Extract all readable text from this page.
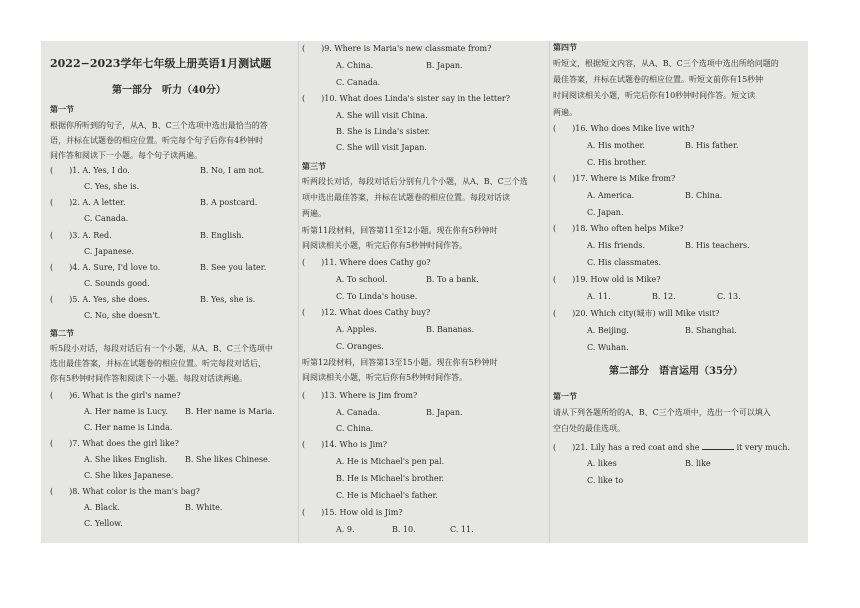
2022−2023学年七年级上册英语1月测试题
第一部分　听力（40分）
第一节
根据你所听到的句子，从A、B、C三个选项中选出最恰当的答
语，并标在试题卷的相应位置。听完每个句子后你有4秒钟时
间作答和阅读下一小题。每个句子读两遍。
(　　)1. A. Yes, I do.	B. No, I am not.
C. Yes, she is.
(　　)2. A. A letter.	B. A postcard.
C. Canada.
(　　)3. A. Red.	B. English.
C. Japanese.
(　　)4. A. Sure, I'd love to.	B. See you later.
C. Sounds good.
(　　)5. A. Yes, she does.	B. Yes, she is.
C. No, she doesn't.
第二节
听5段小对话，每段对话后有一个小题，从A、B、C三个选项中
选出最佳答案，并标在试题卷的相应位置。听完每段对话后，
你有5秒钟时间作答和阅读下一小题。每段对话读两遍。
(　　)6. What is the girl's name?
A. Her name is Lucy. B. Her name is Maria.
C. Her name is Linda.
(　　)7. What does the girl like?
A. She likes English. B. She likes Chinese.
C. She likes Japanese.
(　　)8. What color is the man's bag?
A. Black.	B. White.
C. Yellow.
(　　)9. Where is Maria's new classmate from?
A. China.	B. Japan.
C. Canada.
(　　)10. What does Linda's sister say in the letter?
A. She will visit China.
B. She is Linda's sister.
C. She will visit Japan.
第三节
听两段长对话，每段对话后分别有几个小题，从A、B、C三个选
项中选出最佳答案，并标在试题卷的相应位置。每段对话读
两遍。
听第11段材料，回答第11至12小题。现在你有5秒钟时
间阅读相关小题，听完后你有5秒钟时间作答。
(　　)11. Where does Cathy go?
A. To school.	B. To a bank.
C. To Linda's house.
(　　)12. What does Cathy buy?
A. Apples.	B. Bananas.
C. Oranges.
听第12段材料，回答第13至15小题。现在你有5秒钟时
间阅读相关小题，听完后你有5秒钟时间作答。
(　　)13. Where is Jim from?
A. Canada.	B. Japan.
C. China.
(　　)14. Who is Jim?
A. He is Michael's pen pal.
B. He is Michael's brother.
C. He is Michael's father.
(　　)15. How old is Jim?
A. 9.	B. 10.	C. 11.
第四节
听短文，根据短文内容，从A、B、C三个选项中选出所给问题的
最佳答案，并标在试题卷的相应位置。听短文前你有15秒钟
时间阅读相关小题，听完后你有10秒钟时间作答。短文读
两遍。
(　　)16. Who does Mike live with?
A. His mother.	B. His father.
C. His brother.
(　　)17. Where is Mike from?
A. America.	B. China.
C. Japan.
(　　)18. Who often helps Mike?
A. His friends.	B. His teachers.
C. His classmates.
(　　)19. How old is Mike?
A. 11.	B. 12.	C. 13.
(　　)20. Which city(城市) will Mike visit?
A. Beijing.	B. Shanghai.
C. Wuhan.
第二部分　语言运用（35分）
第一节
请从下列各题所给的A、B、C三个选项中，选出一个可以填入
空白处的最佳选项。
(　　)21. Lily has a red coat and she	it very much.
A. likes	B. like
C. like to
